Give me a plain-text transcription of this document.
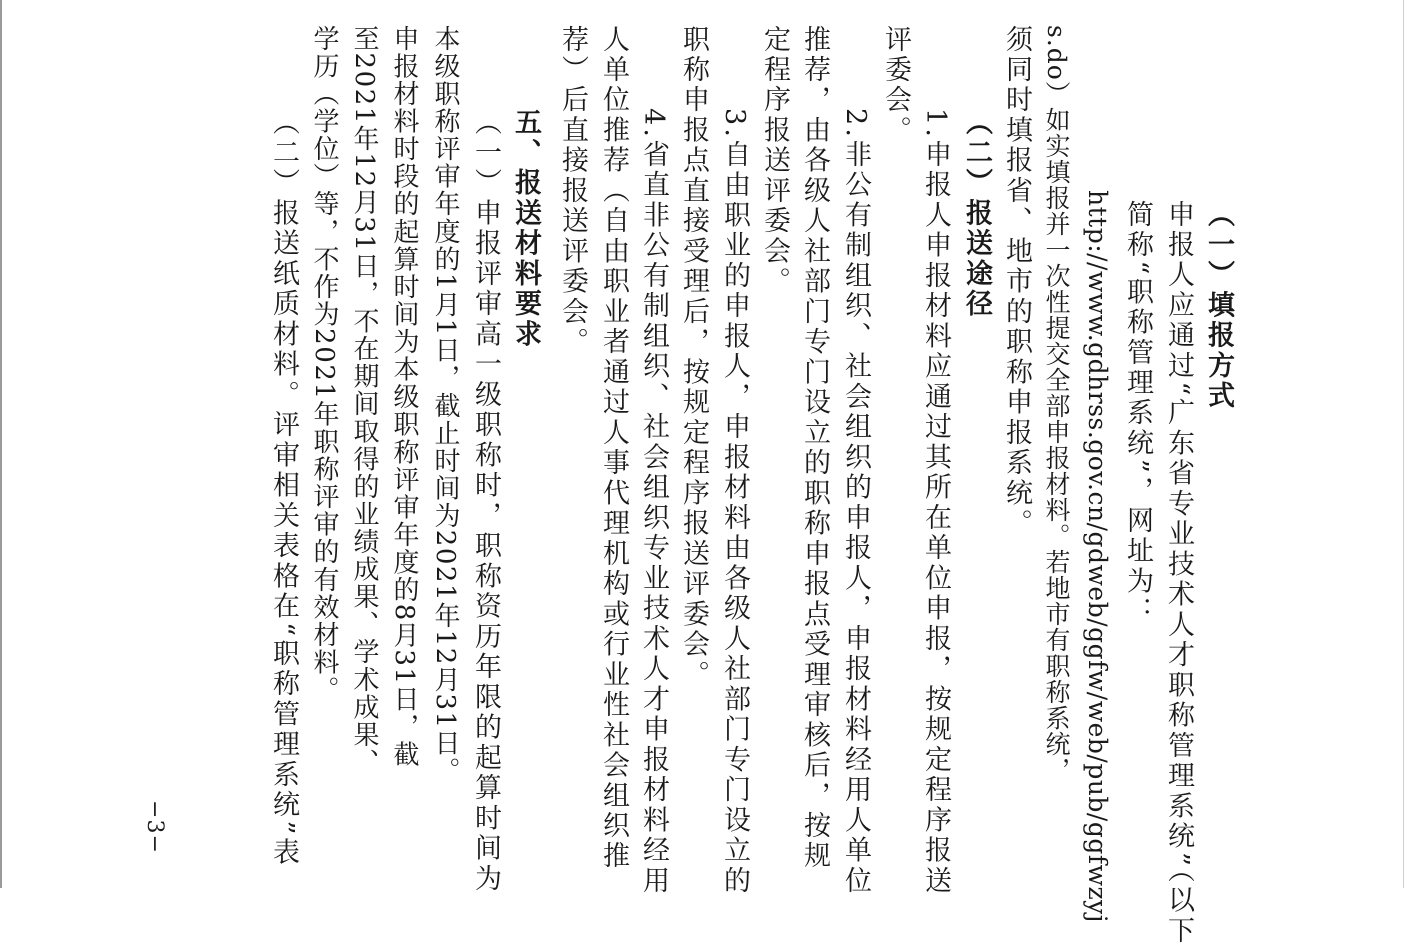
（一）填报方式
申报人应通过“广东省专业技术人才职称管理系统”（以下
简称“职称管理系统”，网址为：
http://www.gdhrss.gov.cn/gdweb/ggfw/web/pub/ggfwzyj
s.do）如实填报并一次性提交全部申报材料。若地市有职称系统，
须同时填报省、地市的职称申报系统。
（二）报送途径
1.申报人申报材料应通过其所在单位申报，按规定程序报送
评委会。
2.非公有制组织、社会组织的申报人，申报材料经用人单位
推荐，由各级人社部门专门设立的职称申报点受理审核后，按规
定程序报送评委会。
3.自由职业的申报人，申报材料由各级人社部门专门设立的
职称申报点直接受理后，按规定程序报送评委会。
4.省直非公有制组织、社会组织专业技术人才申报材料经用
人单位推荐（自由职业者通过人事代理机构或行业性社会组织推
荐）后直接报送评委会。
五、报送材料要求
（一）申报评审高一级职称时，职称资历年限的起算时间为
本级职称评审年度的1月1日，截止时间为2021年12月31日。
申报材料时段的起算时间为本级职称评审年度的8月31日，截
至2021年12月31日，不在期间取得的业绩成果、学术成果、
学历（学位）等，不作为2021年职称评审的有效材料。
（二）报送纸质材料。评审相关表格在“职称管理系统”表
−3−
